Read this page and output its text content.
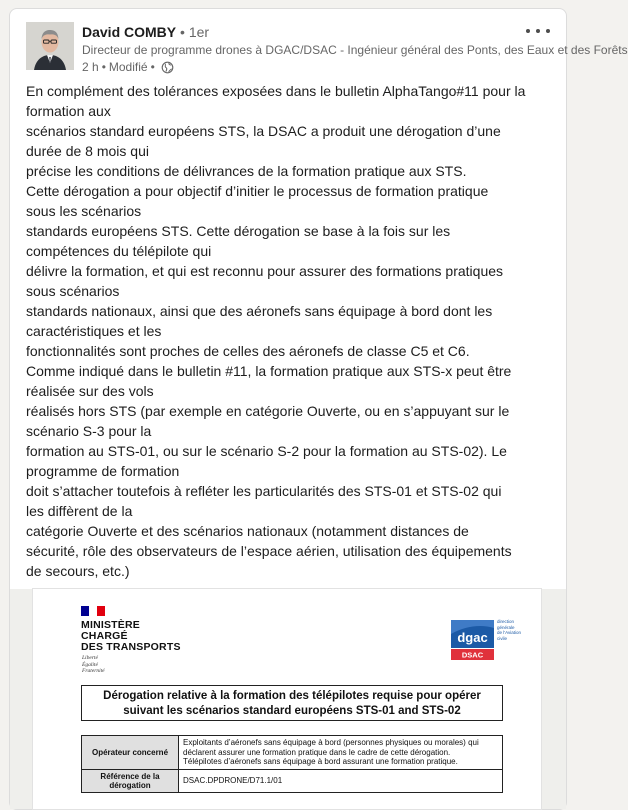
David COMBY • 1er
Directeur de programme drones à DGAC/DSAC - Ingénieur général des Ponts, des Eaux et des Forêts
2 h • Modifié •
En complément des tolérances exposées dans le bulletin AlphaTango#11 pour la
formation aux
scénarios standard européens STS, la DSAC a produit une dérogation d’une
durée de 8 mois qui
précise les conditions de délivrances de la formation pratique aux STS.
Cette dérogation a pour objectif d’initier le processus de formation pratique
sous les scénarios
standards européens STS. Cette dérogation se base à la fois sur les
compétences du télépilote qui
délivre la formation, et qui est reconnu pour assurer des formations pratiques
sous scénarios
standards nationaux, ainsi que des aéronefs sans équipage à bord dont les
caractéristiques et les
fonctionnalités sont proches de celles des aéronefs de classe C5 et C6.
Comme indiqué dans le bulletin #11, la formation pratique aux STS-x peut être
réalisée sur des vols
réalisés hors STS (par exemple en catégorie Ouverte, ou en s’appuyant sur le
scénario S-3 pour la
formation au STS-01, ou sur le scénario S-2 pour la formation au STS-02). Le
programme de formation
doit s’attacher toutefois à refléter les particularités des STS-01 et STS-02 qui
les diffèrent de la
catégorie Ouverte et des scénarios nationaux (notamment distances de
sécurité, rôle des observateurs de l’espace aérien, utilisation des équipements
de secours, etc.)
MINISTÈRE
CHARGÉ
DES TRANSPORTS
Liberté
Égalité
Fraternité
dgac
DSAC
direction
générale
de l'Aviation
civile
Dérogation relative à la formation des télépilotes requise pour opérer
suivant les scénarios standard européens STS-01 and STS-02
Opérateur concerné	Exploitants d’aéronefs sans équipage à bord (personnes physiques ou morales) qui
déclarent assurer une formation pratique dans le cadre de cette dérogation.
Télépilotes d’aéronefs sans équipage à bord assurant une formation pratique.

Référence de la dérogation	DSAC.DPDRONE/D71.1/01
